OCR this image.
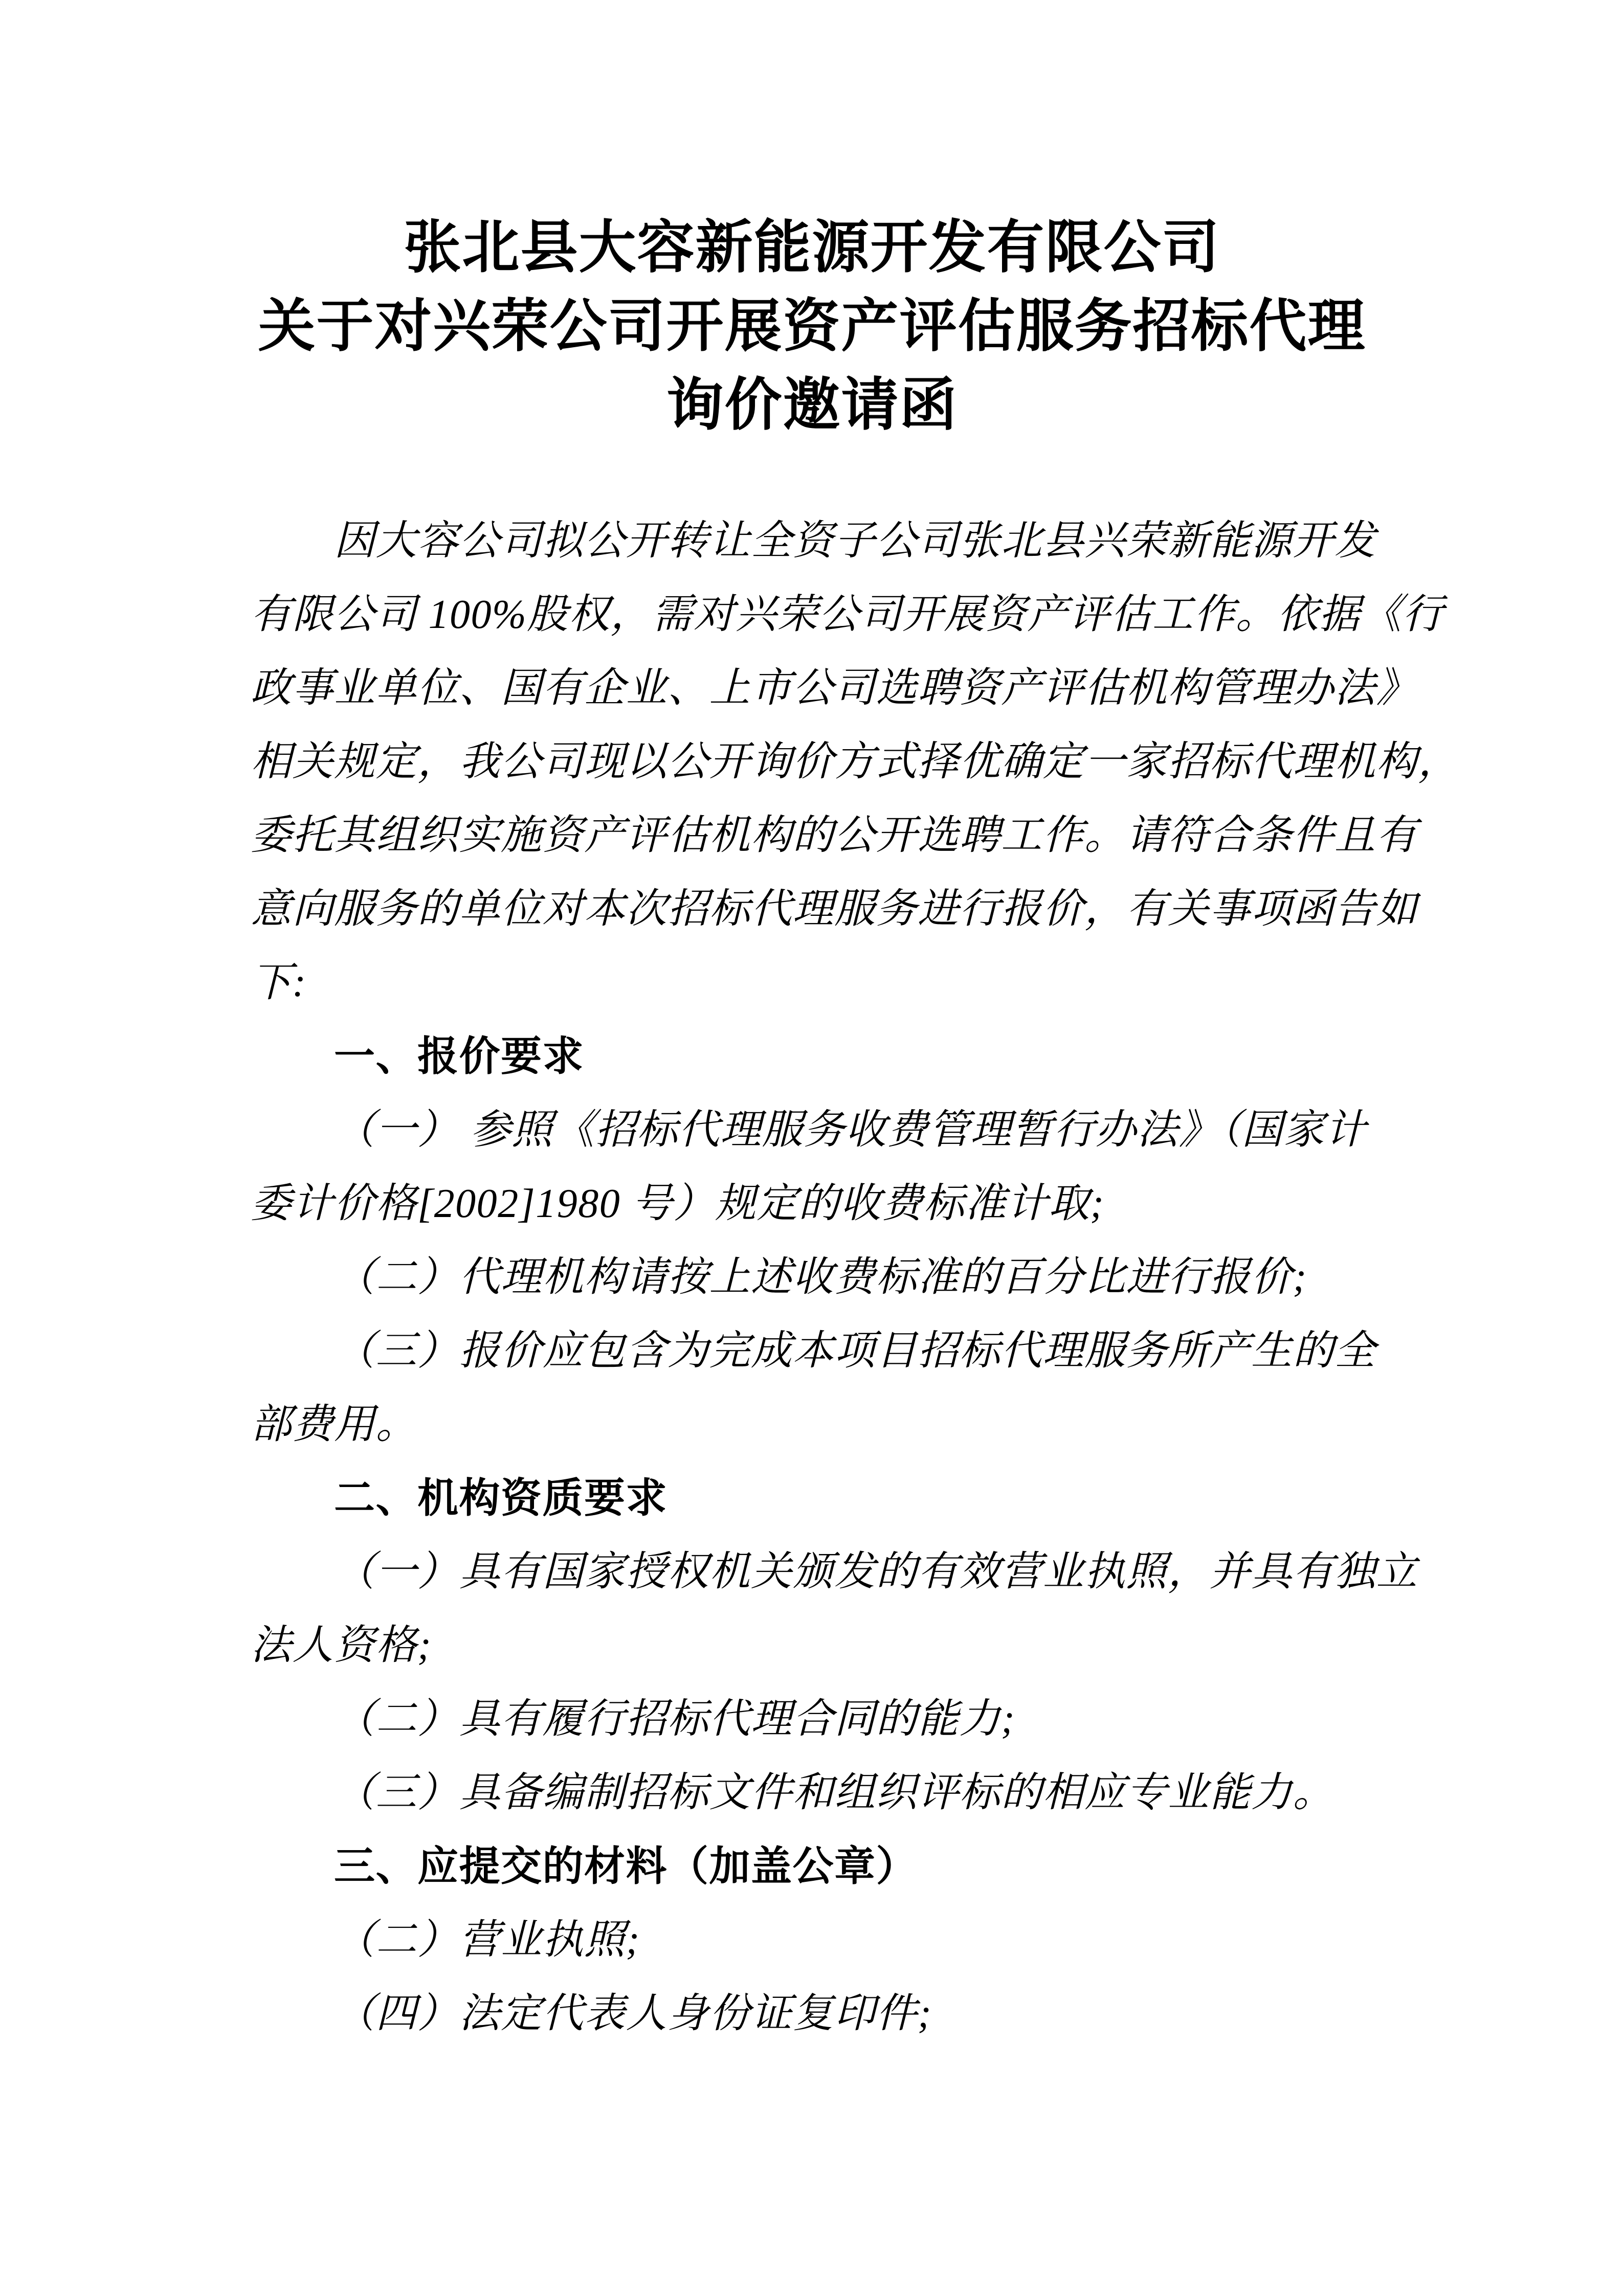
张北县大容新能源开发有限公司
关于对兴荣公司开展资产评估服务招标代理
询价邀请函
因大容公司拟公开转让全资子公司张北县兴荣新能源开发
有限公司 100%股权，需对兴荣公司开展资产评估工作。依据《行
政事业单位、国有企业、上市公司选聘资产评估机构管理办法》
相关规定，我公司现以公开询价方式择优确定一家招标代理机构，
委托其组织实施资产评估机构的公开选聘工作。请符合条件且有
意向服务的单位对本次招标代理服务进行报价，有关事项函告如
下:
一、报价要求
（一） 参照《招标代理服务收费管理暂行办法》（国家计
委计价格[2002]1980 号）规定的收费标准计取;
（二）代理机构请按上述收费标准的百分比进行报价;
（三）报价应包含为完成本项目招标代理服务所产生的全
部费用。
二、机构资质要求
（一）具有国家授权机关颁发的有效营业执照，并具有独立
法人资格;
（二）具有履行招标代理合同的能力;
（三）具备编制招标文件和组织评标的相应专业能力。
三、应提交的材料（加盖公章）
（二）营业执照;
（四）法定代表人身份证复印件;
